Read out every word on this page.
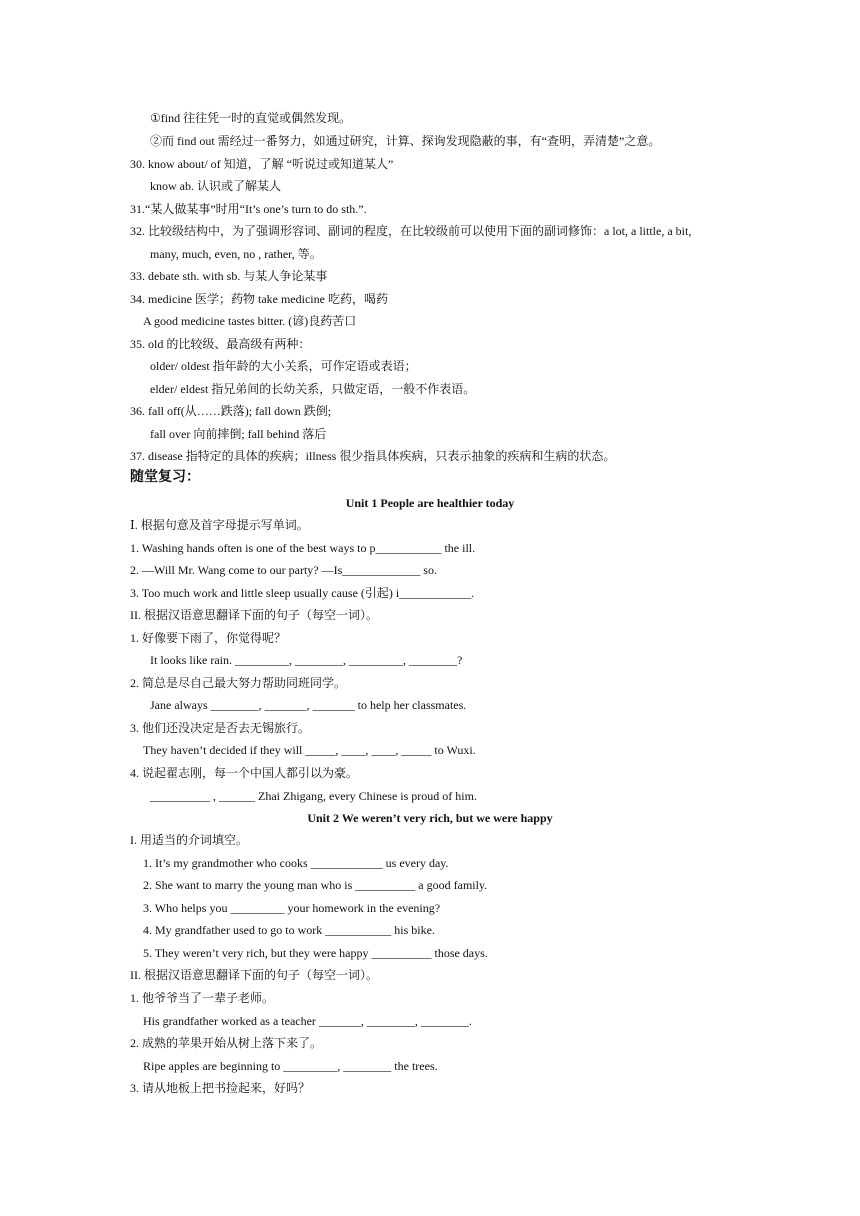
①find 往往凭一时的直觉或偶然发现。
②而 find out 需经过一番努力，如通过研究，计算、探询发现隐蔽的事，有“查明，弄清楚”之意。
30. know about/ of 知道，了解 “听说过或知道某人”
know ab. 认识或了解某人
31.“某人做某事”时用“It’s one’s turn to do sth.”.
32. 比较级结构中，为了强调形容词、副词的程度，在比较级前可以使用下面的副词修饰：a lot, a little, a bit,
many, much, even, no , rather, 等。
33. debate sth. with sb. 与某人争论某事
34. medicine 医学；药物 take medicine 吃药，喝药
A good medicine tastes bitter. (谚)良药苦口
35. old 的比较级、最高级有两种：
older/ oldest 指年龄的大小关系，可作定语或表语；
elder/ eldest 指兄弟间的长幼关系，只做定语，一般不作表语。
36. fall off(从……跌落); fall down 跌倒;
fall over 向前摔倒; fall behind 落后
37. disease 指特定的具体的疾病；illness 很少指具体疾病，只表示抽象的疾病和生病的状态。
随堂复习：
Unit 1 People are healthier today
Ⅰ. 根据句意及首字母提示写单词。
1. Washing hands often is one of the best ways to p___________ the ill.
2. —Will Mr. Wang come to our party? —Is_____________ so.
3. Too much work and little sleep usually cause (引起) i____________.
II. 根据汉语意思翻译下面的句子（每空一词）。
1. 好像要下雨了，你觉得呢？
It looks like rain. _________, ________, _________, ________?
2. 简总是尽自己最大努力帮助同班同学。
Jane always ________, _______, _______ to help her classmates.
3. 他们还没决定是否去无锡旅行。
They haven’t decided if they will _____, ____, ____, _____ to Wuxi.
4. 说起翟志刚，每一个中国人都引以为豪。
__________ , ______ Zhai Zhigang, every Chinese is proud of him.
Unit 2 We weren’t very rich, but we were happy
I. 用适当的介词填空。
1. It’s my grandmother who cooks ____________ us every day.
2. She want to marry the young man who is __________ a good family.
3. Who helps you _________ your homework in the evening?
4. My grandfather used to go to work ___________ his bike.
5. They weren’t very rich, but they were happy __________ those days.
II. 根据汉语意思翻译下面的句子（每空一词）。
1. 他爷爷当了一辈子老师。
His grandfather worked as a teacher _______, ________, ________.
2. 成熟的苹果开始从树上落下来了。
Ripe apples are beginning to _________, ________ the trees.
3. 请从地板上把书捡起来，好吗？
